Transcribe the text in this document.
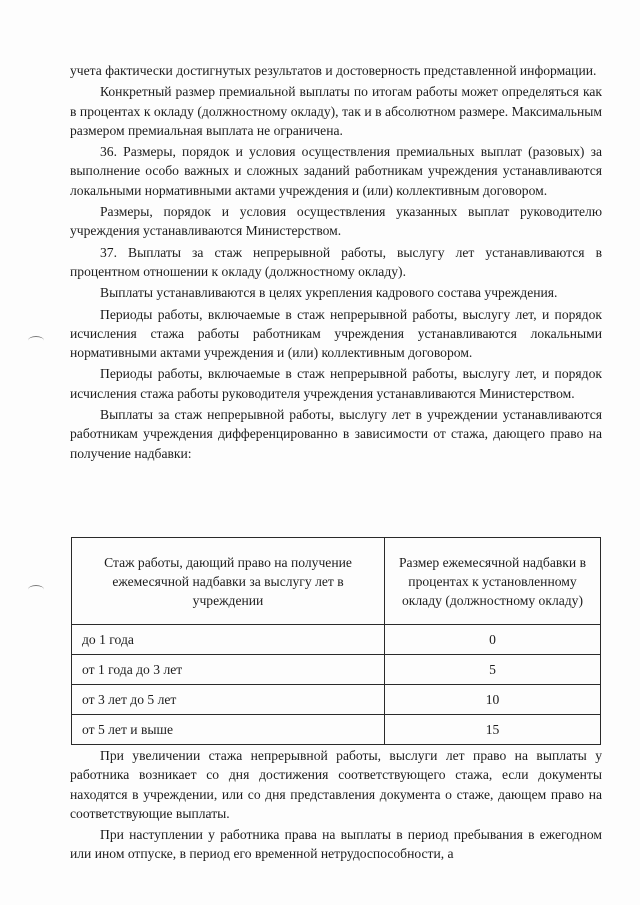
учета фактически достигнутых результатов и достоверность представленной информации.

Конкретный размер премиальной выплаты по итогам работы может определяться как в процентах к окладу (должностному окладу), так и в абсолютном размере. Максимальным размером премиальная выплата не ограничена.

36. Размеры, порядок и условия осуществления премиальных выплат (разовых) за выполнение особо важных и сложных заданий работникам учреждения устанавливаются локальными нормативными актами учреждения и (или) коллективным договором.

Размеры, порядок и условия осуществления указанных выплат руководителю учреждения устанавливаются Министерством.

37. Выплаты за стаж непрерывной работы, выслугу лет устанавливаются в процентном отношении к окладу (должностному окладу).

Выплаты устанавливаются в целях укрепления кадрового состава учреждения.

Периоды работы, включаемые в стаж непрерывной работы, выслугу лет, и порядок исчисления стажа работы работникам учреждения устанавливаются локальными нормативными актами учреждения и (или) коллективным договором.

Периоды работы, включаемые в стаж непрерывной работы, выслугу лет, и порядок исчисления стажа работы руководителя учреждения устанавливаются Министерством.

Выплаты за стаж непрерывной работы, выслугу лет в учреждении устанавливаются работникам учреждения дифференцированно в зависимости от стажа, дающего право на получение надбавки:

Стаж работы, дающий право на получение ежемесячной надбавки за выслугу лет в учреждении	Размер ежемесячной надбавки в процентах к установленному окладу (должностному окладу)
до 1 года	0
от 1 года до 3 лет	5
от 3 лет до 5 лет	10
от 5 лет и выше	15

При увеличении стажа непрерывной работы, выслуги лет право на выплаты у работника возникает со дня достижения соответствующего стажа, если документы находятся в учреждении, или со дня представления документа о стаже, дающем право на соответствующие выплаты.

При наступлении у работника права на выплаты в период пребывания в ежегодном или ином отпуске, в период его временной нетрудоспособности, а
